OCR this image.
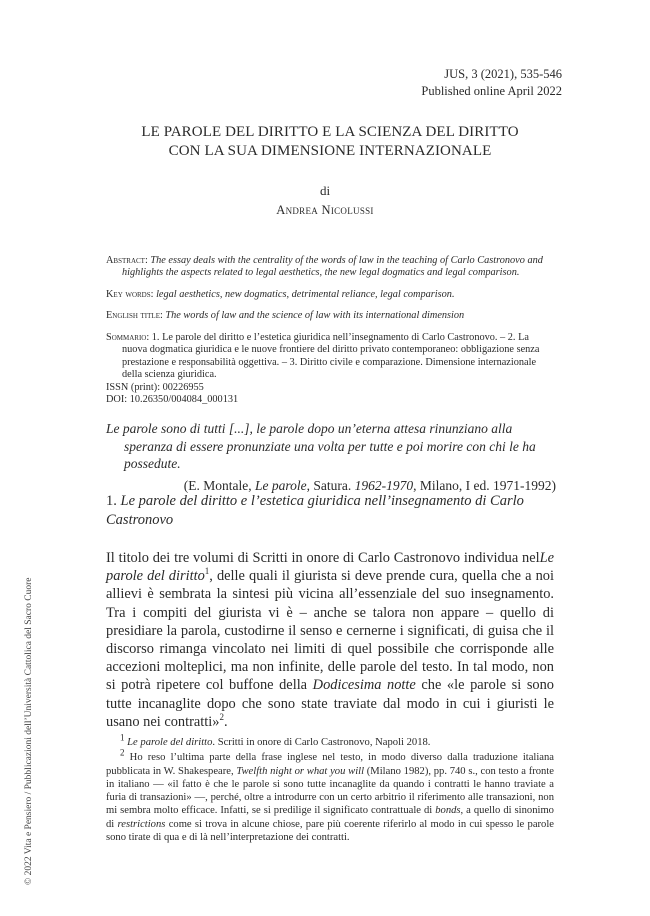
JUS, 3 (2021), 535-546
Published online April 2022
LE PAROLE DEL DIRITTO E LA SCIENZA DEL DIRITTO
CON LA SUA DIMENSIONE INTERNAZIONALE
di
Andrea Nicolussi
Abstract: The essay deals with the centrality of the words of law in the teaching of Carlo Castronovo and highlights the aspects related to legal aesthetics, the new legal dogmatics and legal comparison.
Key words: legal aesthetics, new dogmatics, detrimental reliance, legal comparison.
English title: The words of law and the science of law with its international dimension
Sommario: 1. Le parole del diritto e l’estetica giuridica nell’insegnamento di Carlo Castronovo. – 2. La nuova dogmatica giuridica e le nuove frontiere del diritto privato contemporaneo: obbligazione senza prestazione e responsabilità oggettiva. – 3. Diritto civile e comparazione. Dimensione internazionale della scienza giuridica.
ISSN (print): 00226955
DOI: 10.26350/004084_000131
Le parole sono di tutti [...], le parole dopo un’eterna attesa rinunziano alla speranza di essere pronunziate una volta per tutte e poi morire con chi le ha possedute.
(E. Montale, Le parole, Satura. 1962-1970, Milano, I ed. 1971-1992)
1. Le parole del diritto e l’estetica giuridica nell’insegnamento di Carlo Castronovo

Il titolo dei tre volumi di Scritti in onore di Carlo Castronovo individua nelLe parole del diritto$^1$, delle quali il giurista si deve prende cura, quella che a noi allievi è sembrata la sintesi più vicina all’essenziale del suo insegnamento. Tra i compiti del giurista vi è – anche se talora non appare – quello di presidiare la parola, custodirne il senso e cernerne i significati, di guisa che il discorso rimanga vincolato nei limiti di quel possibile che corrisponde alle accezioni molteplici, ma non infinite, delle parole del testo. In tal modo, non si potrà ripetere col buffone della Dodicesima notte che «le parole si sono tutte incanaglite dopo che sono state traviate dal modo in cui i giuristi le usano nei contratti»$^2$.

$^1$ Le parole del diritto. Scritti in onore di Carlo Castronovo, Napoli 2018.

$^2$ Ho reso l’ultima parte della frase inglese nel testo, in modo diverso dalla traduzione italiana pubblicata in W. Shakespeare, Twelfth night or what you will (Milano 1982), pp. 740 s., con testo a fronte in italiano — «il fatto è che le parole si sono tutte incanaglite da quando i contratti le hanno traviate a furia di transazioni» —, perché, oltre a introdurre con un certo arbitrio il riferimento alle transazioni, non mi sembra molto efficace. Infatti, se si predilige il significato contrattuale di bonds, a quello di sinonimo di restrictions come si trova in alcune chiose, pare più coerente riferirlo al modo in cui spesso le parole sono tirate di qua e di là nell’interpretazione dei contratti.

© 2022 Vita e Pensiero / Pubblicazioni dell’Università Cattolica del Sacro Cuore
